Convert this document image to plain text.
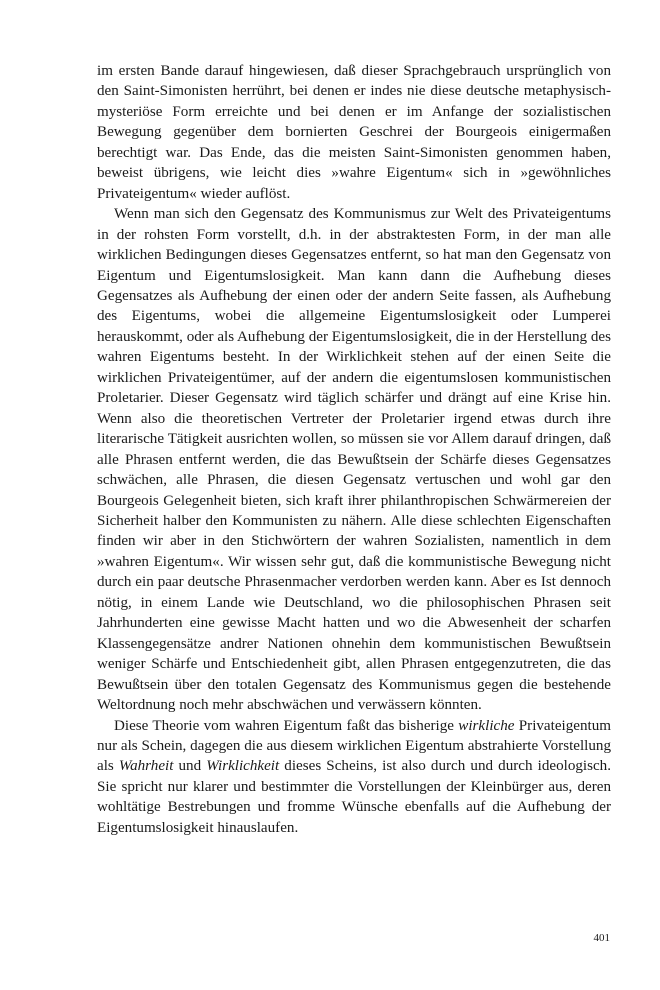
im ersten Bande darauf hingewiesen, daß dieser Sprachgebrauch ursprünglich von den Saint-Simonisten herrührt, bei denen er indes nie diese deutsche metaphysisch-mysteriöse Form erreichte und bei denen er im Anfange der sozialistischen Bewegung gegenüber dem bornierten Geschrei der Bourgeois einigermaßen berechtigt war. Das Ende, das die meisten Saint-Simonisten genommen haben, beweist übrigens, wie leicht dies »wahre Eigentum« sich in »gewöhnliches Privateigentum« wieder auflöst.

Wenn man sich den Gegensatz des Kommunismus zur Welt des Privateigentums in der rohsten Form vorstellt, d.h. in der abstraktesten Form, in der man alle wirklichen Bedingungen dieses Gegensatzes entfernt, so hat man den Gegensatz von Eigentum und Eigentumslosigkeit. Man kann dann die Aufhebung dieses Gegensatzes als Aufhebung der einen oder der andern Seite fassen, als Aufhebung des Eigentums, wobei die allgemeine Eigentumslosigkeit oder Lumperei herauskommt, oder als Aufhebung der Eigentumslosigkeit, die in der Herstellung des wahren Eigentums besteht. In der Wirklichkeit stehen auf der einen Seite die wirklichen Privateigentümer, auf der andern die eigentumslosen kommunistischen Proletarier. Dieser Gegensatz wird täglich schärfer und drängt auf eine Krise hin. Wenn also die theoretischen Vertreter der Proletarier irgend etwas durch ihre literarische Tätigkeit ausrichten wollen, so müssen sie vor Allem darauf dringen, daß alle Phrasen entfernt werden, die das Bewußtsein der Schärfe dieses Gegensatzes schwächen, alle Phrasen, die diesen Gegensatz vertuschen und wohl gar den Bourgeois Gelegenheit bieten, sich kraft ihrer philanthropischen Schwärmereien der Sicherheit halber den Kommunisten zu nähern. Alle diese schlechten Eigenschaften finden wir aber in den Stichwörtern der wahren Sozialisten, namentlich in dem »wahren Eigentum«. Wir wissen sehr gut, daß die kommunistische Bewegung nicht durch ein paar deutsche Phrasenmacher verdorben werden kann. Aber es Ist dennoch nötig, in einem Lande wie Deutschland, wo die philosophischen Phrasen seit Jahrhunderten eine gewisse Macht hatten und wo die Abwesenheit der scharfen Klassengegensätze andrer Nationen ohnehin dem kommunistischen Bewußtsein weniger Schärfe und Entschiedenheit gibt, allen Phrasen entgegenzutreten, die das Bewußtsein über den totalen Gegensatz des Kommunismus gegen die bestehende Weltordnung noch mehr abschwächen und verwässern könnten.

Diese Theorie vom wahren Eigentum faßt das bisherige wirkliche Privateigentum nur als Schein, dagegen die aus diesem wirklichen Eigentum abstrahierte Vorstellung als Wahrheit und Wirklichkeit dieses Scheins, ist also durch und durch ideologisch. Sie spricht nur klarer und bestimmter die Vorstellungen der Kleinbürger aus, deren wohltätige Bestrebungen und fromme Wünsche ebenfalls auf die Aufhebung der Eigentumslosigkeit hinauslaufen.

401
